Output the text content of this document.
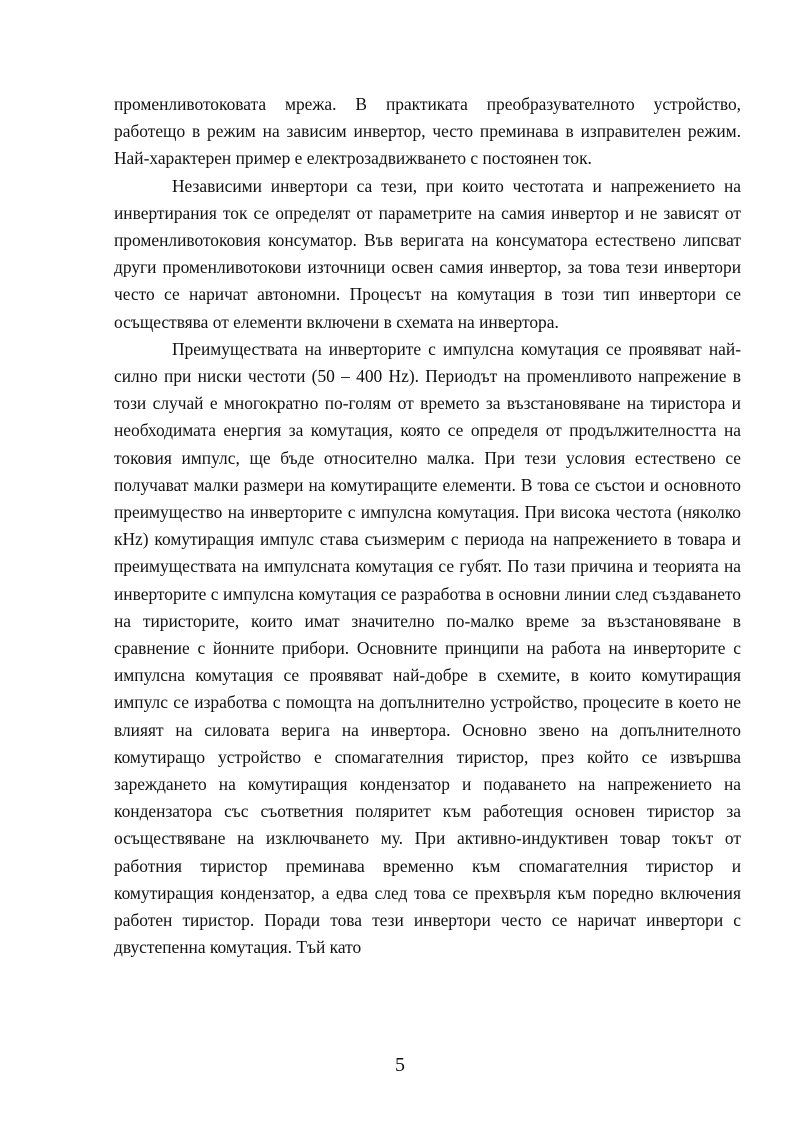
променливотоковата мрежа. В практиката преобразувателното устройство, работещо в режим на зависим инвертор, често преминава в изправителен режим. Най-характерен пример е електрозадвижването с постоянен ток.

Независими инвертори са тези, при които честотата и напрежението на инвертирания ток се определят от параметрите на самия инвертор и не зависят от променливотоковия консуматор. Във веригата на консуматора естествено липсват други променливотокови източници освен самия инвертор, за това тези инвертори често се наричат автономни. Процесът на комутация в този тип инвертори се осъществява от елементи включени в схемата на инвертора.

Преимуществата на инверторите с импулсна комутация се проявяват най-силно при ниски честоти (50 – 400 Hz). Периодът на променливото напрежение в този случай е многократно по-голям от времето за възстановяване на тиристора и необходимата енергия за комутация, която се определя от продължителността на токовия импулс, ще бъде относително малка. При тези условия естествено се получават малки размери на комутиращите елементи. В това се състои и основното преимущество на инверторите с импулсна комутация. При висока честота (няколко кHz) комутиращия импулс става съизмерим с периода на напрежението в товара и преимуществата на импулсната комутация се губят. По тази причина и теорията на инверторите с импулсна комутация се разработва в основни линии след създаването на тиристорите, които имат значително по-малко време за възстановяване в сравнение с йонните прибори. Основните принципи на работа на инверторите с импулсна комутация се проявяват най-добре в схемите, в които комутиращия импулс се изработва с помощта на допълнително устройство, процесите в което не влияят на силовата верига на инвертора. Основно звено на допълнителното комутиращо устройство е спомагателния тиристор, през който се извършва зареждането на комутиращия кондензатор и подаването на напрежението на кондензатора със съответния поляритет към работещия основен тиристор за осъществяване на изключването му. При активно-индуктивен товар токът от работния тиристор преминава временно към спомагателния тиристор и комутиращия кондензатор, а едва след това се прехвърля към поредно включения работен тиристор. Поради това тези инвертори често се наричат инвертори с двустепенна комутация. Тъй като

5
